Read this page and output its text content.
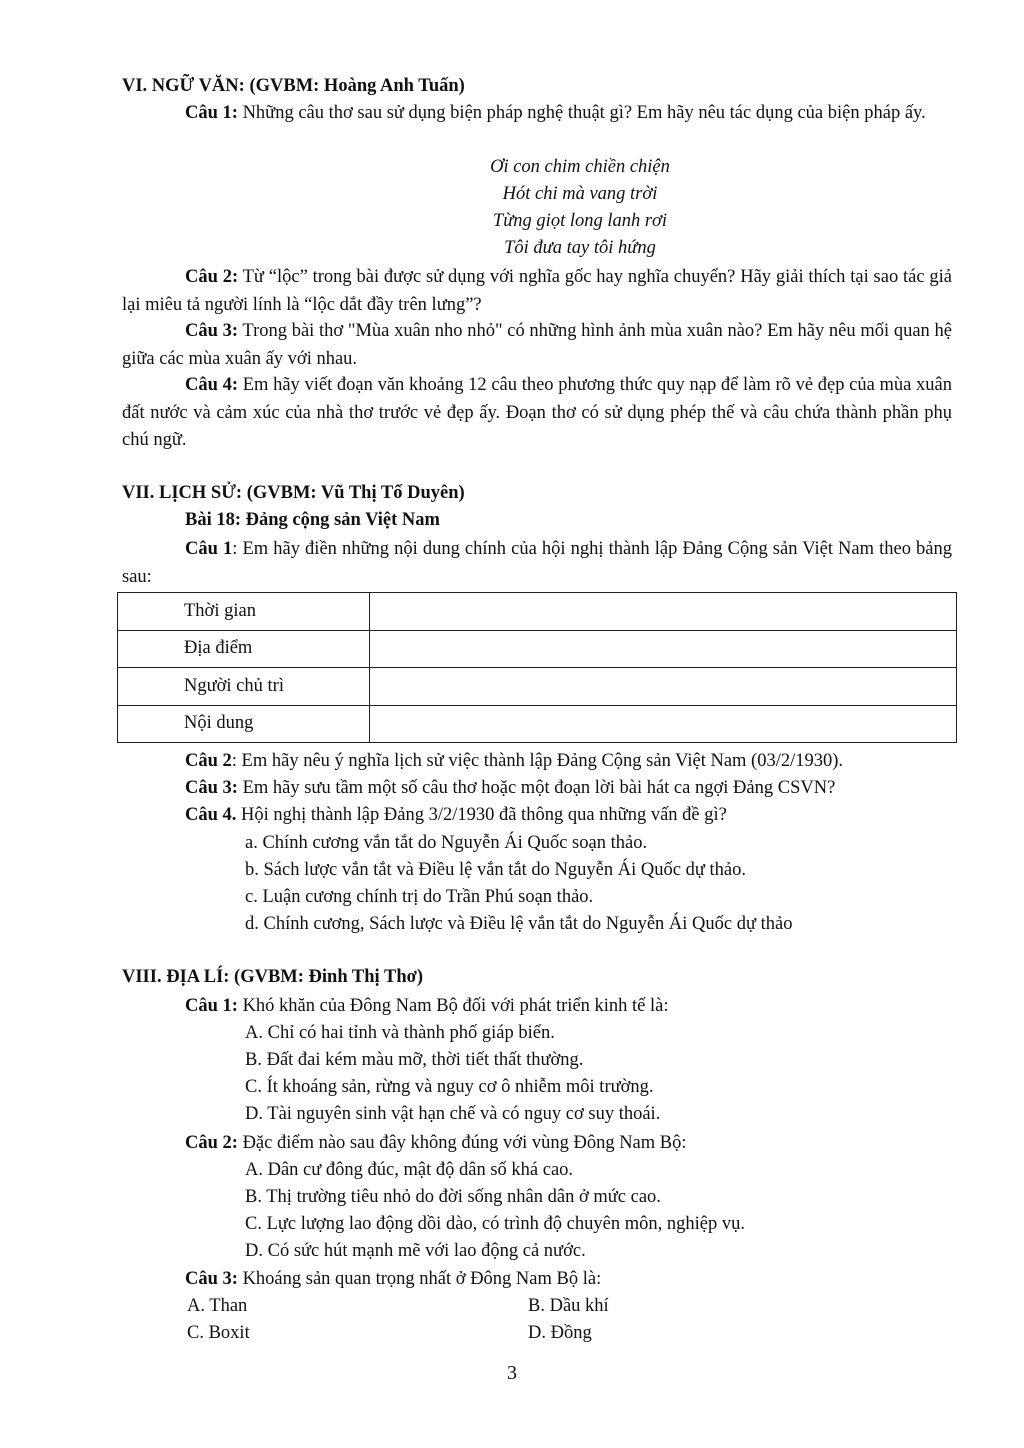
VI. NGỮ VĂN: (GVBM: Hoàng Anh Tuấn)
Câu 1: Những câu thơ sau sử dụng biện pháp nghệ thuật gì? Em hãy nêu tác dụng của biện pháp ấy.
Ơi con chim chiền chiện
Hót chi mà vang trời
Từng giọt long lanh rơi
Tôi đưa tay tôi hứng
Câu 2: Từ “lộc” trong bài được sử dụng với nghĩa gốc hay nghĩa chuyển? Hãy giải thích tại sao tác giả lại miêu tả người lính là “lộc dắt đầy trên lưng”?
Câu 3: Trong bài thơ "Mùa xuân nho nhỏ" có những hình ảnh mùa xuân nào? Em hãy nêu mối quan hệ giữa các mùa xuân ấy với nhau.
Câu 4: Em hãy viết đoạn văn khoảng 12 câu theo phương thức quy nạp để làm rõ vẻ đẹp của mùa xuân đất nước và cảm xúc của nhà thơ trước vẻ đẹp ấy. Đoạn thơ có sử dụng phép thế và câu chứa thành phần phụ chú ngữ.
VII. LỊCH SỬ: (GVBM: Vũ Thị Tố Duyên)
Bài 18: Đảng cộng sản Việt Nam
Câu 1: Em hãy điền những nội dung chính của hội nghị thành lập Đảng Cộng sản Việt Nam theo bảng sau:
Thời gian	
Địa điểm	
Người chủ trì	
Nội dung	
Câu 2: Em hãy nêu ý nghĩa lịch sử việc thành lập Đảng Cộng sản Việt Nam (03/2/1930).
Câu 3: Em hãy sưu tầm một số câu thơ hoặc một đoạn lời bài hát ca ngợi Đảng CSVN?
Câu 4. Hội nghị thành lập Đảng 3/2/1930 đã thông qua những vấn đề gì?
a. Chính cương vắn tắt do Nguyễn Ái Quốc soạn thảo.
b. Sách lược vắn tắt và Điều lệ vắn tắt do Nguyễn Ái Quốc dự thảo.
c. Luận cương chính trị do Trần Phú soạn thảo.
d. Chính cương, Sách lược và Điều lệ vắn tắt do Nguyễn Ái Quốc dự thảo
VIII. ĐỊA LÍ: (GVBM: Đinh Thị Thơ)
Câu 1: Khó khăn của Đông Nam Bộ đối với phát triển kinh tế là:
A. Chỉ có hai tỉnh và thành phố giáp biển.
B. Đất đai kém màu mỡ, thời tiết thất thường.
C. Ít khoáng sản, rừng và nguy cơ ô nhiễm môi trường.
D. Tài nguyên sinh vật hạn chế và có nguy cơ suy thoái.
Câu 2: Đặc điểm nào sau đây không đúng với vùng Đông Nam Bộ:
A. Dân cư đông đúc, mật độ dân số khá cao.
B. Thị trường tiêu nhỏ do đời sống nhân dân ở mức cao.
C. Lực lượng lao động dồi dào, có trình độ chuyên môn, nghiệp vụ.
D. Có sức hút mạnh mẽ với lao động cả nước.
Câu 3: Khoáng sản quan trọng nhất ở Đông Nam Bộ là:
A. Than	B. Dầu khí
C. Boxit	D. Đồng
3
